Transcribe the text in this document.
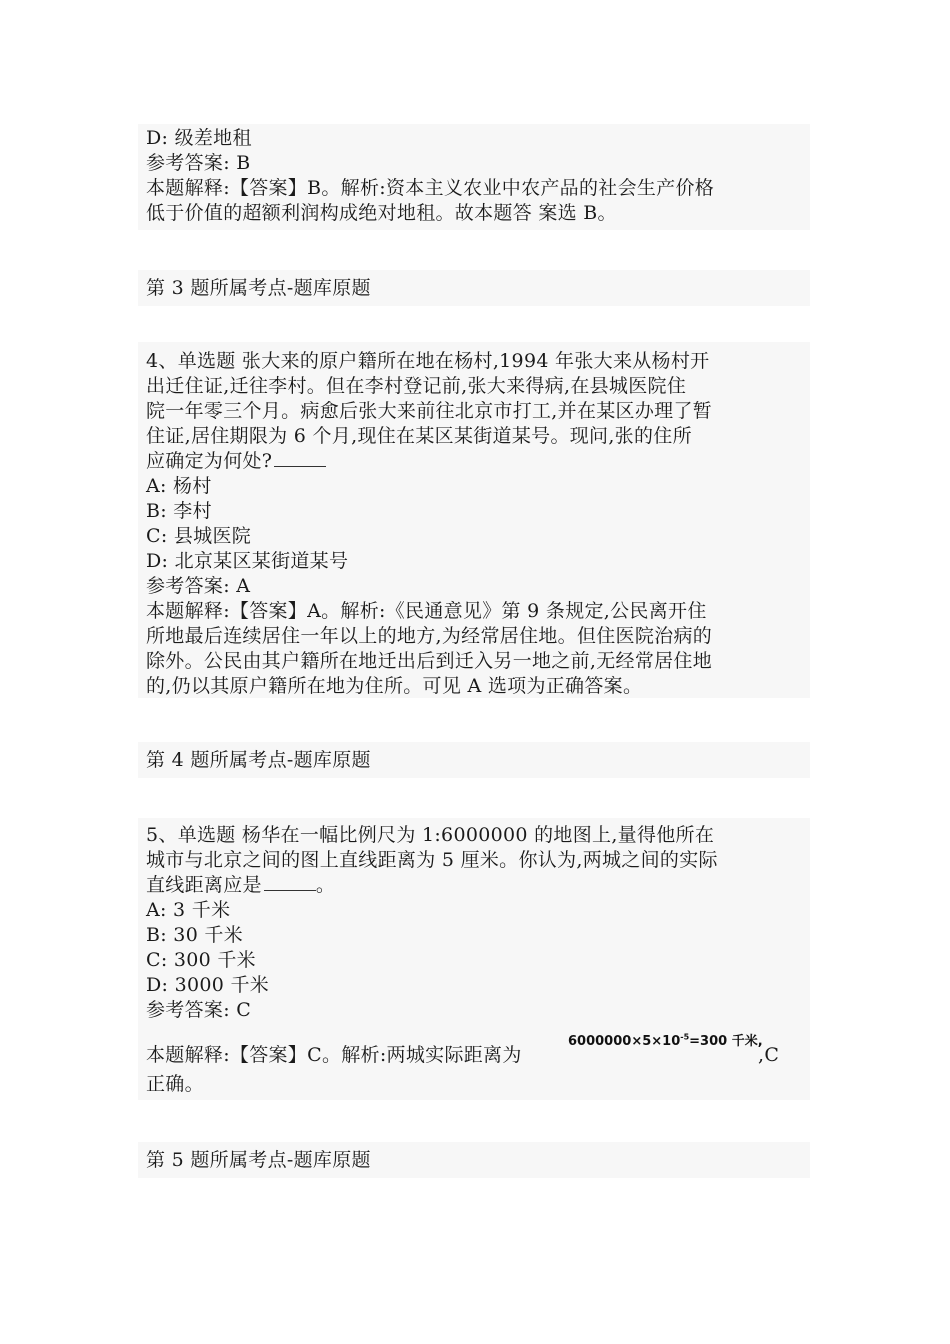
D: 级差地租
参考答案: B
本题解释:【答案】B。解析:资本主义农业中农产品的社会生产价格
低于价值的超额利润构成绝对地租。故本题答 案选 B。
第 3 题所属考点-题库原题
4、单选题 张大来的原户籍所在地在杨村,1994 年张大来从杨村开
出迁住证,迁往李村。但在李村登记前,张大来得病,在县城医院住
院一年零三个月。病愈后张大来前往北京市打工,并在某区办理了暂
住证,居住期限为 6 个月,现住在某区某街道某号。现问,张的住所
应确定为何处?
A: 杨村
B: 李村
C: 县城医院
D: 北京某区某街道某号
参考答案: A
本题解释:【答案】A。解析:《民通意见》第 9 条规定,公民离开住
所地最后连续居住一年以上的地方,为经常居住地。但住医院治病的
除外。公民由其户籍所在地迁出后到迁入另一地之前,无经常居住地
的,仍以其原户籍所在地为住所。可见 A 选项为正确答案。
第 4 题所属考点-题库原题
5、单选题 杨华在一幅比例尺为 1:6000000 的地图上,量得他所在
城市与北京之间的图上直线距离为 5 厘米。你认为,两城之间的实际
直线距离应是	。
A: 3 千米
B: 30 千米
C: 300 千米
D: 3000 千米
参考答案: C
本题解释:【答案】C。解析:两城实际距离为
$6000000\times 5\times 10^{-5}=300$ 千米,
,C
正确。
第 5 题所属考点-题库原题
